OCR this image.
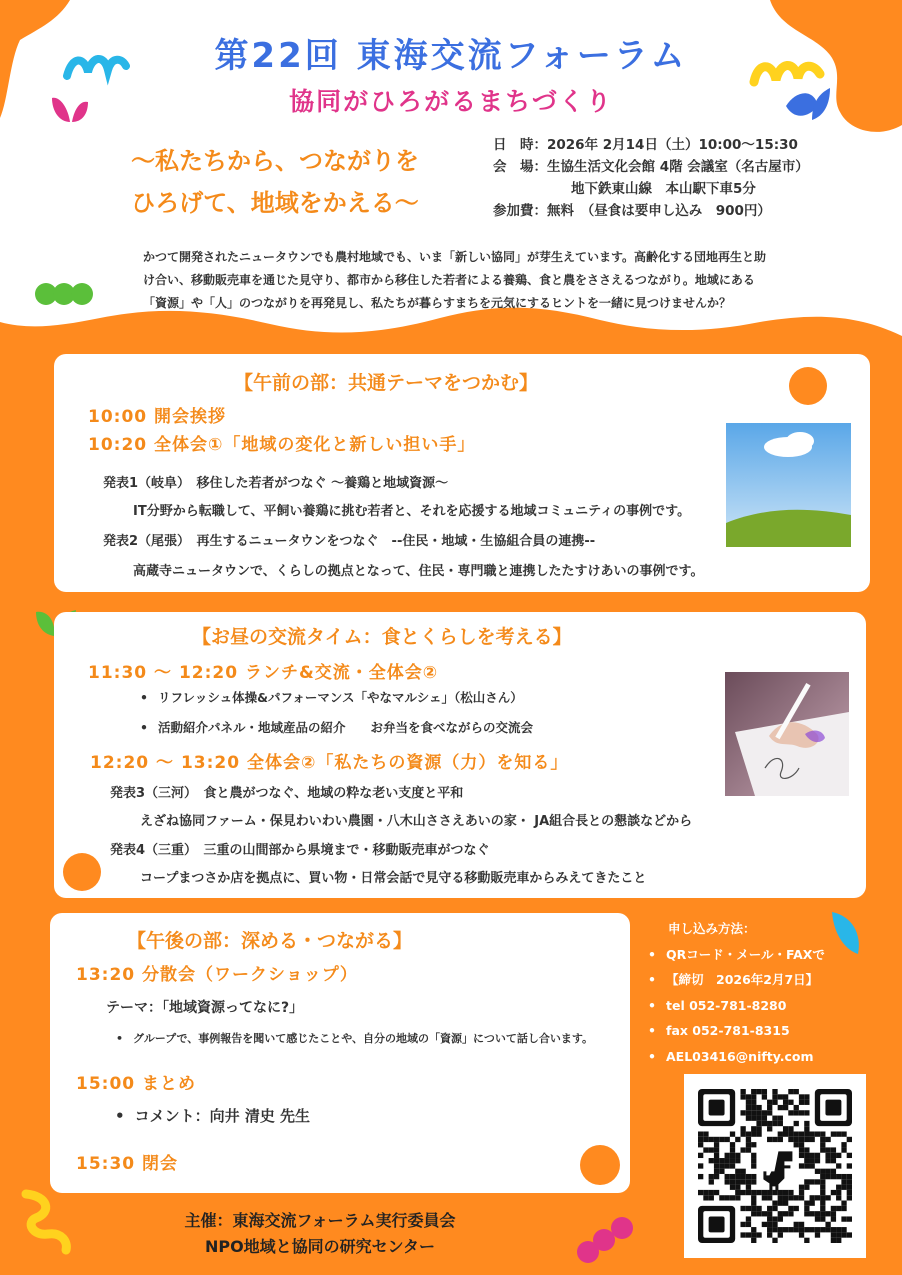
第22回 東海交流フォーラム
協同がひろがるまちづくり
〜私たちから、つながりを
ひろげて、地域をかえる〜
日　時：2026年 2月14日（土）10:00〜15:30
会　場：生協生活文化会館 4階 会議室（名古屋市）
地下鉄東山線　本山駅下車5分
参加費：無料　（昼食は要申し込み　900円）
かつて開発されたニュータウンでも農村地域でも、いま「新しい協同」が芽生えています。高齢化する団地再生と助
け合い、移動販売車を通じた見守り、都市から移住した若者による養鶏、食と農をささえるつながり。地域にある
「資源」や「人」のつながりを再発見し、私たちが暮らすまちを元気にするヒントを一緒に見つけませんか？
【午前の部：共通テーマをつかむ】
10:00 開会挨拶
10:20 全体会①「地域の変化と新しい担い手」
発表1（岐阜）　移住した若者がつなぐ 〜養鶏と地域資源〜
IT分野から転職して、平飼い養鶏に挑む若者と、それを応援する地域コミュニティの事例です。
発表2（尾張）　再生するニュータウンをつなぐ　--住民・地域・生協組合員の連携--
高蔵寺ニュータウンで、くらしの拠点となって、住民・専門職と連携したたすけあいの事例です。
【お昼の交流タイム：食とくらしを考える】
11:30 〜 12:20 ランチ&交流・全体会②
• リフレッシュ体操&パフォーマンス「やなマルシェ」（松山さん）
• 活動紹介パネル・地域産品の紹介　　お弁当を食べながらの交流会
12:20 〜 13:20 全体会②「私たちの資源（力）を知る」
発表3（三河）　食と農がつなぐ、地域の粋な老い支度と平和
えざね協同ファーム・保見わいわい農園・八木山ささえあいの家・ JA組合長との懇談などから
発表4（三重）　三重の山間部から県境まで・移動販売車がつなぐ
コープまつさか店を拠点に、買い物・日常会話で見守る移動販売車からみえてきたこと
【午後の部：深める・つながる】
13:20 分散会（ワークショップ）
テーマ：「地域資源ってなに?」
• グループで、事例報告を聞いて感じたことや、自分の地域の「資源」について話し合います。
15:00 まとめ
• コメント：向井 清史 先生
15:30 閉会
申し込み方法：
• QRコード・メール・FAXで
• 【締切　2026年2月7日】
• tel 052-781-8280
• fax 052-781-8315
• AEL03416@nifty.com
主催：東海交流フォーラム実行委員会
NPO地域と協同の研究センター
